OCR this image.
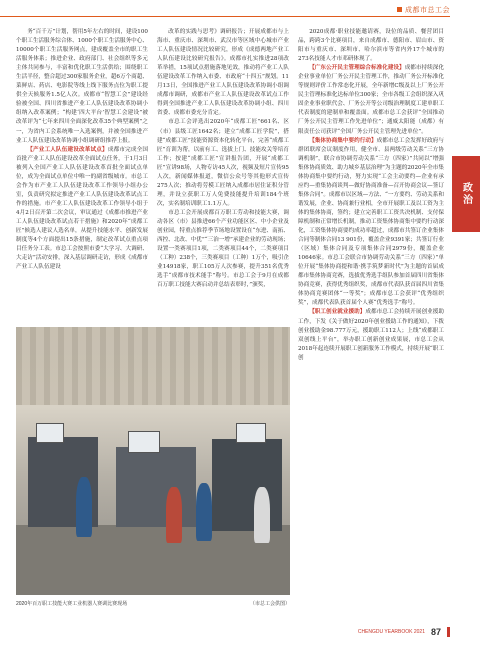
成都市总工会
政治

务“百千万”计划，帮用5年左右的时间，建设100个职工生活服务综合体、1000个职工生活服务中心、10000个职工生活服务网点，建成覆盖全市的职工生活服务体系；推进企业、政府部门、社会组织等多元主体共同参与，丰富和优化职工生活供给；围绕职工生活半径，整合超过300家服务企业，超6万个商超、菜鲜店、药店、电影院等线上线下服务点位为职工提供全天候服务1.5亿人次。成都市“智慧工会”建设经验被全国、四川省推进产业工人队伍建设改革协调小组纳入改革案例；“构建‘四大平台’智慧工会建设”被改革评为“七年来四川全面深化改革35个典型案例”之一，为省内工会系统唯一入选案例，并被全国推进产业工人队伍建设改革协调小组调研组推荐上报。

【产业工人队伍建设改革试点】成都市完成全国首批产业工人队伍建设改革全面试点任务，于1月3日被列入全国产业工人队伍建设改革首批全面试点单位，成为全面试点单位中唯一的副省级城市。市总工会作为市产业工人队伍建设改革工作领导小组办公室，负责研究拟定推进产业工人队伍建设改革试点工作的措施。市产业工人队伍建设改革工作领导小组于4月2日召开第二次会议，审议通过《成都市推进产业工人队伍建设改革试点若干措施》和2020年“成都工匠”候选人建议人选名单，从提升技能水平、创新发展制度等4个方面提出15条措施，制定改革试点重点项目任务分工表。市总工会按照市委“大学习、大调研、大走访”活动安排，深入基层调研走访，形成《成都市产业工人队伍建设

改革的实践与思考》调研报告；开展成都市与上海市、重庆市、深圳市、武汉市等区域中心城市产业工人队伍建设情况比较研究，形成《成德两地产业工人队伍建设比较研究报告》。成都市扎实推进28项改革举措，15项试点措施落地见效，推动将产业工人队伍建设改革工作纳入市委、市政府“十四五”规划。11月13日，全国推进产业工人队伍建设改革协调小组调成都市调研，成都市产业工人队伍建设改革试点工作得到全国推进产业工人队伍建设改革协调小组、四川省委、成都市委充分肯定。

市总工会评选出2020年“成都工匠”661名、区（市）县级工匠1642名；建立“成都工匠学院”，搭建“成都工匠”技能资源资本化转化平台，完善“成都工匠”育训为帮，以前有工、选拔上门、技能攻关等培育工作；按建“成都工匠”宣讲报告团，开展“成都工匠”宣讲98场，人物专访45人次，视频及短片宣传95人次，新闻媒体报道，微信公众号等其他形式宣传275人次；推动将劳模工匠纳入成都市居住证积分管理，并设立获职工万人免费技能提升培训184个班次，实名制培训职工1.1万人。

市总工会开展成都百万职工劳动和技能大赛，调动各区（市）县推进66个产业功能区区、中小企业及创业园，特重点推荐季节场地设置设在“东进、南拓、西控、北改、中优”“三治一增”承建企业的劳动现场；设置一类赛项目1项，二类赛项目44个，二类赛项目（工种）238个，三类赛项目（工种）1万个，吸引企业14918家，职工105万人次参赛，提升351名优秀选手“成都市技术能手”称号。市总工会于9月在成都百万职工技能大赛启动并总结表彰时，”颁奖，

2020年百万职工技能大赛工业机器人赛调比赛现场	（市总工会供图）

2020成都·职业技能邀请赛，设位的品质、餐营团目品，跨跨3个比赛项目，来自成都市、德阳市、眉山市、资阳市与重庆市、深圳市、哈尔滨市等省内外17个城市的273名技能人才市邓研体现了。

【广东公开民主管理综合标准化建设】成都市持续深化企业事业单位厂务公开民主管理工作，推动厂务公开标准化等规则评价工作常态化开展，全年新增C级及以上厂务公开民主管理标准化达标单位300家；全市各级工会组织深入巩固企业事业职代会、厂务公开等公司级治理制度工建单职工代表制度的建制单和覆盖面。成都市总工会获评“全国推动厂务公开民主管理工作先进单位”；通威太阳能（成都）有限责任公司获评“全国厂务公开民主管理先进单位”。

【集体协商集中要约行动】成都市总工会发挥好政府与群团联席会议制度作用，健全市、县两级劳动关系“三方协调机制”，联合市协调劳动关系“三方（四家）”共同以“增强集体协商质效、助力城乡基层治理”为主题的2020年全市集体协商集中要约行动，努力实现“工会主动要约—企业有承应约—重集协商谈判—做好协商准备—召开协商会议—签订集体合同”。成都市以区域—方法、“一方要约、劳动关系和谐发展，企业、协商兼行业相，全市开展职工及以工资为主体的集体协商，签约；建立完善职工工资共决机制、支付保障机制和正常增长机制，推动工资集体协商集中要约行动深化，工资集体协商要约成功率超过，成都市共签订企业集体合同等制体合同13 901份，覆盖企业9391家；共签订行业（区域）集体合同及专项集体合同2979份，覆盖企业10646家。市总工会联合市协调劳动关系“三方（四家）”单位开展“集体协商提和谐·携手筑梦新时代”为主题的首届成都市集体协商竞赛，选拔优秀选手组队参加首届四川省集体协商竞赛，获得优秀组织奖，成都市代表队获首届四川省集体协商竞赛团体“一等奖”；成都市总工会获评“优秀组织奖”，成都代表队获首届个人赛“优秀选手”称号。

【职工创业就业援助】成都市总工会持续开展创业援助工作，下发《关于做好2020年创业援助工作的通知》，下拨创业援助金98.777万元，援助职工112人；上线“成都职工双创线上平台”，举办职工创新创业成果展，市总工会从2018年起连续开展职工创新服务工作模式，持续开展“职工创

CHENGDU YEARBOOK 2021 87
